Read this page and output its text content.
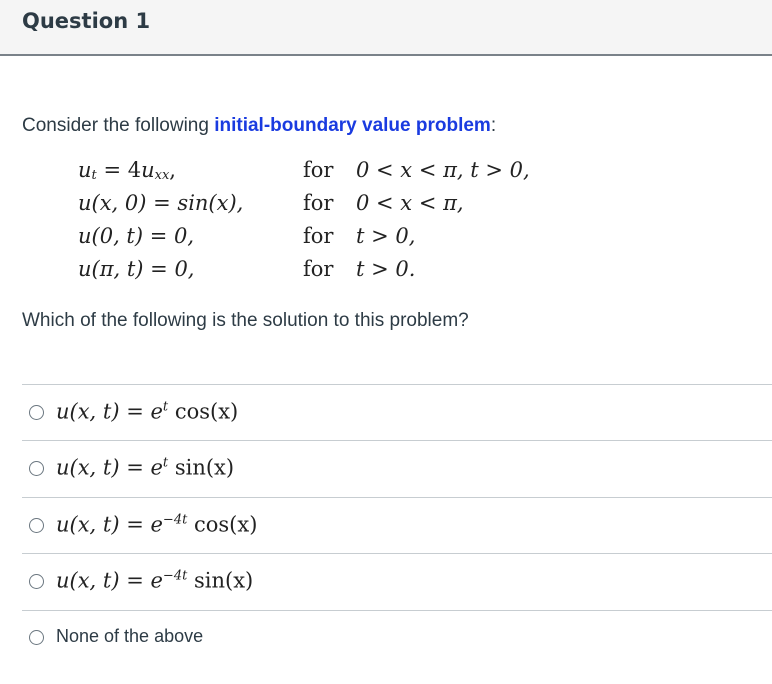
Question 1
Consider the following initial-boundary value problem:
$u_t = 4u_{xx}$,	for 0 < x < π, t > 0,
u(x, 0) = sin(x),	for 0 < x < π,
u(0, t) = 0,	for t > 0,
u(π, t) = 0,	for t > 0.
Which of the following is the solution to this problem?
u(x, $t) = e^t$ cos(x)
u(x, $t) = e^t$ sin(x)
u(x, $t) = e^{-4t}$ cos(x)
u(x, $t) = e^{-4t}$ sin(x)
None of the above
